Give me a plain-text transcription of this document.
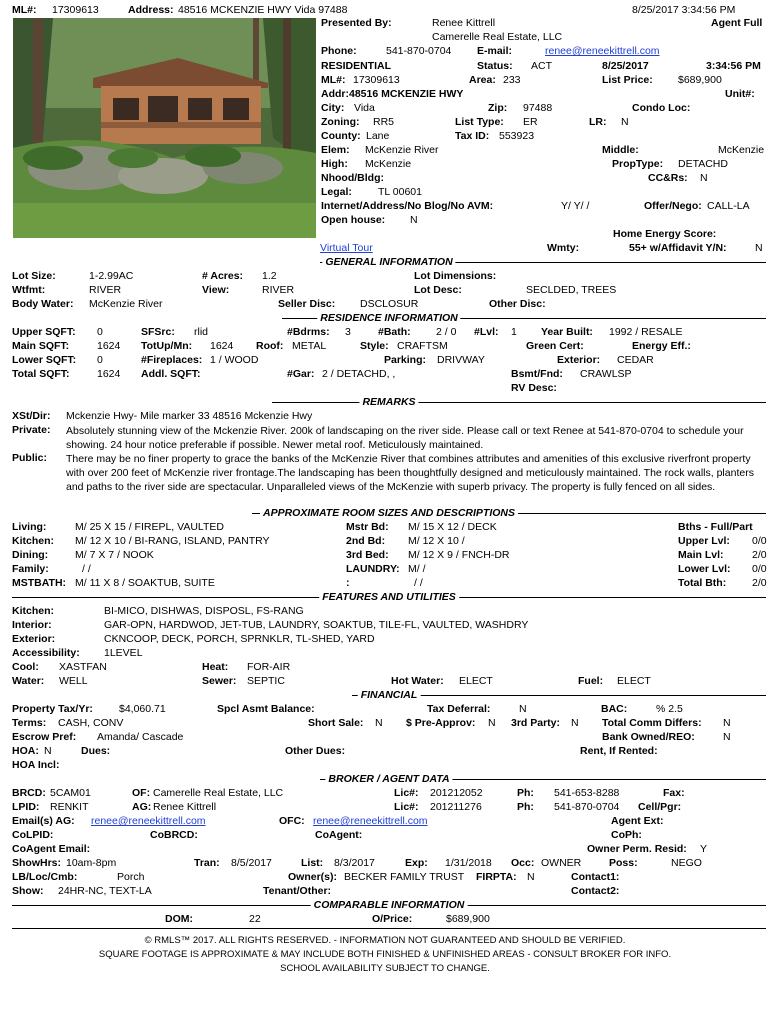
ML#: 17309613	Address: 48516 MCKENZIE HWY Vida 97488	8/25/2017 3:34:56 PM
Agent Full
Presented By:	Renee Kittrell
Camerelle Real Estate, LLC
Phone:	541-870-0704 E-mail:	renee@reneekittrell.com
RESIDENTIAL	Status: ACT	8/25/2017	3:34:56 PM
ML#: 17309613	Area: 233	List Price: $689,900
Addr:48516 MCKENZIE HWY	Unit#:
City: Vida	Zip: 97488	Condo Loc:
Zoning: RR5	List Type: ER	LR: N
County: Lane	Tax ID: 553923
Elem: McKenzie River	Middle:	McKenzie
High: McKenzie	PropType: DETACHD
Nhood/Bldg:	CC&Rs: N
Legal: TL 00601
Internet/Address/No Blog/No AVM:	Y/ Y/ /	Offer/Nego: CALL-LA
Open house: N
Home Energy Score:
Virtual Tour	Wmty:	55+ w/Affidavit Y/N:	N
GENERAL INFORMATION
Lot Size:	1-2.99AC	# Acres: 1.2	Lot Dimensions:
Wtfmt:	RIVER	View:	RIVER	Lot Desc:	SECLDED, TREES
Body Water: McKenzie River	Seller Disc: DSCLOSUR	Other Disc:
RESIDENCE INFORMATION
Upper SQFT: 0	SFSrc: rlid	#Bdrms: 3	#Bath: 2 / 0 #Lvl: 1 Year Built: 1992 / RESALE
Main SQFT:	1624 TotUp/Mn: 1624 Roof: METAL	Style: CRAFTSM	Green Cert:	Energy Eff.:
Lower SQFT: 0	#Fireplaces: 1 / WOOD	Parking: DRIVWAY	Exterior: CEDAR
Total SQFT:	1624 Addl. SQFT:	#Gar: 2 / DETACHD, ,	Bsmt/Fnd: CRAWLSP
RV Desc:
REMARKS
XSt/Dir: Mckenzie Hwy- Mile marker 33 48516 Mckenzie Hwy
Private: Absolutely stunning view of the Mckenzie River. 200k of landscaping on the river side. Please call or text Renee at 541-870-0704 to schedule your showing. 24 hour notice preferable if possible. Newer metal roof. Meticulously maintained.
Public: There may be no finer property to grace the banks of the McKenzie River that combines attributes and amenities of this exclusive riverfront property with over 200 feet of McKenzie river frontage.The landscaping has been thoughtfully designed and meticulously maintained. The rock walls, planters and paths to the river side are spectacular. Unparalleled views of the McKenzie with superb privacy. The property is fully fenced on all sides.
APPROXIMATE ROOM SIZES AND DESCRIPTIONS
Living:	M/ 25 X 15 / FIREPL, VAULTED
Kitchen: M/ 12 X 10 / BI-RANG, ISLAND, PANTRY
Dining:	M/ 7 X 7 / NOOK
Family:	/ /
MSTBATH: M/ 11 X 8 / SOAKTUB, SUITE
Mstr Bd: M/ 15 X 12 / DECK
2nd Bd: M/ 12 X 10 /
3rd Bed: M/ 12 X 9 / FNCH-DR
LAUNDRY: M/ /
:	/ /
Bths - Full/Part
Upper Lvl: 0/0
Main Lvl:	2/0
Lower Lvl: 0/0
Total Bth: 2/0
FEATURES AND UTILITIES
Kitchen:	BI-MICO, DISHWAS, DISPOSL, FS-RANG
Interior:	GAR-OPN, HARDWOD, JET-TUB, LAUNDRY, SOAKTUB, TILE-FL, VAULTED, WASHDRY
Exterior:	CKNCOOP, DECK, PORCH, SPRNKLR, TL-SHED, YARD
Accessibility: 1LEVEL
Cool: XASTFAN	Heat: FOR-AIR
Water: WELL	Sewer: SEPTIC	Hot Water: ELECT	Fuel: ELECT
FINANCIAL
Property Tax/Yr: $4,060.71	Spcl Asmt Balance:	Tax Deferral:	N	BAC:	% 2.5
Terms: CASH, CONV	Short Sale: N $ Pre-Approv: N 3rd Party: N Total Comm Differs: N
Escrow Pref: Amanda/ Cascade	Bank Owned/REO:	N
HOA: N	Dues:	Other Dues:	Rent, If Rented:
HOA Incl:
BROKER / AGENT DATA
BRCD: 5CAM01	OF: Camerelle Real Estate, LLC	Lic#: 201212052	Ph: 541-653-8288	Fax:
LPID: RENKIT	AG: Renee Kittrell	Lic#: 201211276	Ph: 541-870-0704 Cell/Pgr:
Email(s) AG: renee@reneekittrell.com	OFC: renee@reneekittrell.com	Agent Ext:
CoLPID:	CoBRCD:	CoAgent:	CoPh:
CoAgent Email:	Owner Perm. Resid: Y
ShowHrs: 10am-8pm	Tran: 8/5/2017	List: 8/3/2017	Exp: 1/31/2018 Occ: OWNER	Poss:	NEGO
LB/Loc/Cmb:	Porch	Owner(s): BECKER FAMILY TRUST FIRPTA: N	Contact1:
Show: 24HR-NC, TEXT-LA	Tenant/Other:	Contact2:
COMPARABLE INFORMATION
DOM:	22	O/Price:	$689,900
© RMLS™ 2017. ALL RIGHTS RESERVED. - INFORMATION NOT GUARANTEED AND SHOULD BE VERIFIED.
SQUARE FOOTAGE IS APPROXIMATE & MAY INCLUDE BOTH FINISHED & UNFINISHED AREAS - CONSULT BROKER FOR INFO.
SCHOOL AVAILABILITY SUBJECT TO CHANGE.
